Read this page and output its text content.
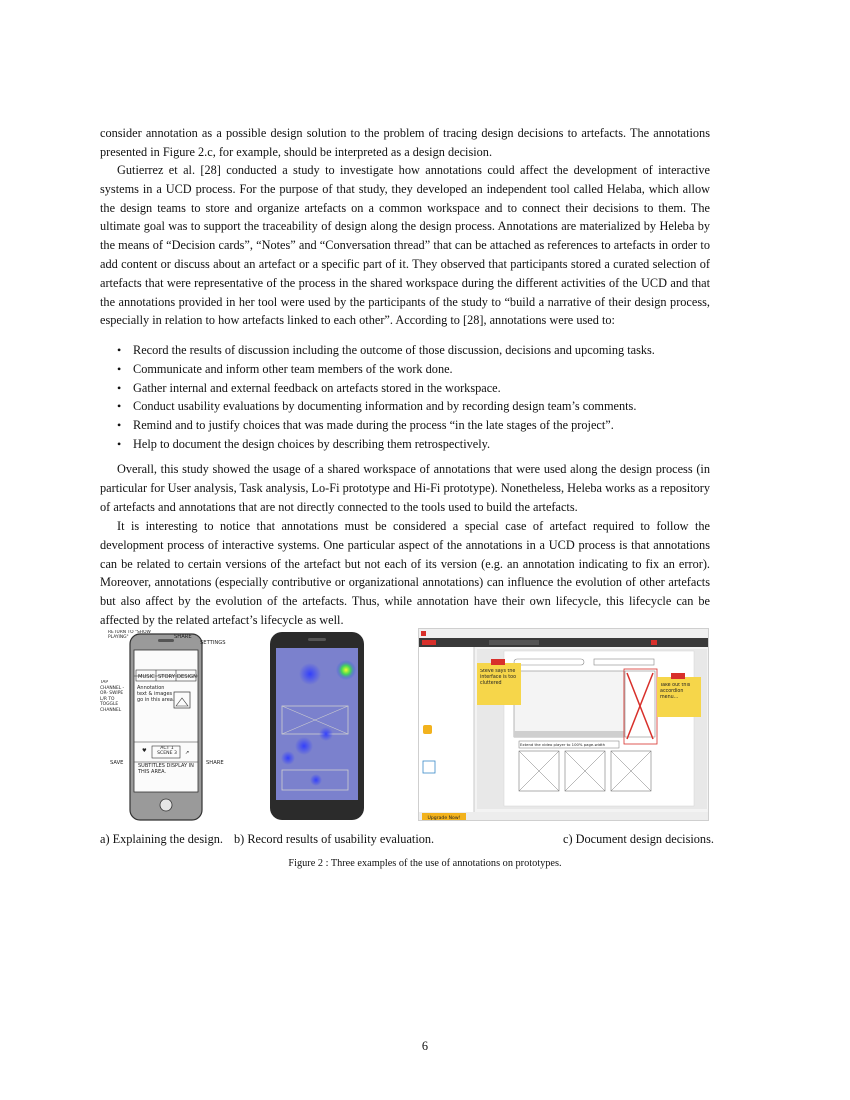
consider annotation as a possible design solution to the problem of tracing design decisions to artefacts. The annotations presented in Figure 2.c, for example, should be interpreted as a design decision.

Gutierrez et al. [28] conducted a study to investigate how annotations could affect the development of interactive systems in a UCD process. For the purpose of that study, they developed an independent tool called Helaba, which allow the design teams to store and organize artefacts on a common workspace and to connect their decisions to them. The ultimate goal was to support the traceability of design along the design process. Annotations are materialized by Heleba by the means of “Decision cards”, “Notes” and “Conversation thread” that can be attached as references to artefacts in order to add content or discuss about an artefact or a specific part of it. They observed that participants stored a curated selection of artefacts that were representative of the process in the shared workspace during the different activities of the UCD and that the annotations provided in her tool were used by the participants of the study to “build a narrative of their design process, especially in relation to how artefacts linked to each other”. According to [28], annotations were used to:

• Record the results of discussion including the outcome of those discussion, decisions and upcoming tasks.
• Communicate and inform other team members of the work done.
• Gather internal and external feedback on artefacts stored in the workspace.
• Conduct usability evaluations by documenting information and by recording design team’s comments.
• Remind and to justify choices that was made during the process “in the late stages of the project”.
• Help to document the design choices by describing them retrospectively.

Overall, this study showed the usage of a shared workspace of annotations that were used along the design process (in particular for User analysis, Task analysis, Lo-Fi prototype and Hi-Fi prototype). Nonetheless, Heleba works as a repository of artefacts and annotations that are not directly connected to the tools used to build the artefacts.

It is interesting to notice that annotations must be considered a special case of artefact required to follow the development process of interactive systems. One particular aspect of the annotations in a UCD process is that annotations can be related to certain versions of the artefact but not each of its version (e.g. an annotation indicating to fix an error). Moreover, annotations (especially contributive or organizational annotations) can influence the evolution of other artefacts but also affect by the evolution of the artefacts. Thus, while annotation have their own lifecycle, this lifecycle can be affected by the related artefact’s lifecycle as well.

MUSIC STORY DESIGN
Annotation text & images go in this area.
♥	ACT 1 SCENE 3	↗
SUBTITLES DISPLAY IN THIS AREA.
RETURN TO "SHOW PLAYING"	SHARE
SETTINGS
TAP CHANNEL -OR- SWIPE L/R TO TOGGLE CHANNEL
SAVE	SHARE
Upgrade Now!
Extend the video player to 100% page-width
Steve says the interface is too cluttered	Take out this accordion menu...
a) Explaining the design. b) Record results of usability evaluation.	c) Document design decisions.
Figure 2 : Three examples of the use of annotations on prototypes.
6
